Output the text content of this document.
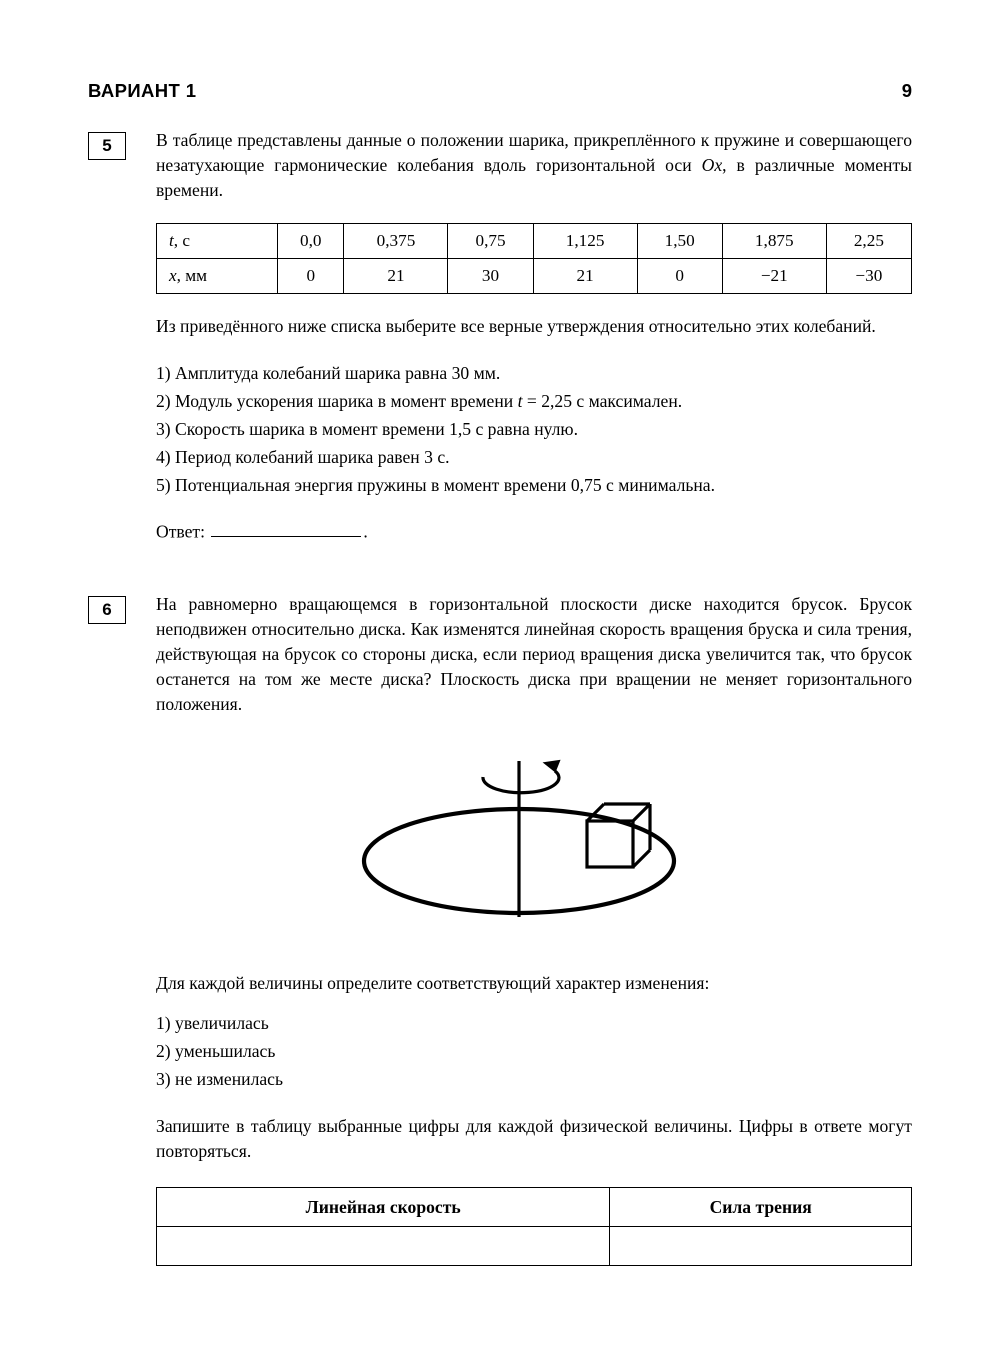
ВАРИАНТ 1	9
5	В таблице представлены данные о положении шарика, прикреплённого к пружине и совершающего незатухающие гармонические колебания вдоль горизонтальной оси Ox, в различные моменты времени.

t, с	0,0	0,375	0,75	1,125	1,50	1,875	2,25
x, мм	0	21	30	21	0	−21	−30

Из приведённого ниже списка выберите все верные утверждения относительно этих колебаний.

1) Амплитуда колебаний шарика равна 30 мм.
2) Модуль ускорения шарика в момент времени t = 2,25 с максимален.
3) Скорость шарика в момент времени 1,5 с равна нулю.
4) Период колебаний шарика равен 3 с.
5) Потенциальная энергия пружины в момент времени 0,75 с минимальна.
Ответ:	.
6	На равномерно вращающемся в горизонтальной плоскости диске находится брусок. Брусок неподвижен относительно диска. Как изменятся линейная скорость вращения бруска и сила трения, действующая на брусок со стороны диска, если период вращения диска увеличится так, что брусок останется на том же месте диска? Плоскость диска при вращении не меняет горизонтального положения.

Для каждой величины определите соответствующий характер изменения:

1) увеличилась
2) уменьшилась
3) не изменилась

Запишите в таблицу выбранные цифры для каждой физической величины. Цифры в ответе могут повторяться.

Линейная скорость	Сила трения
